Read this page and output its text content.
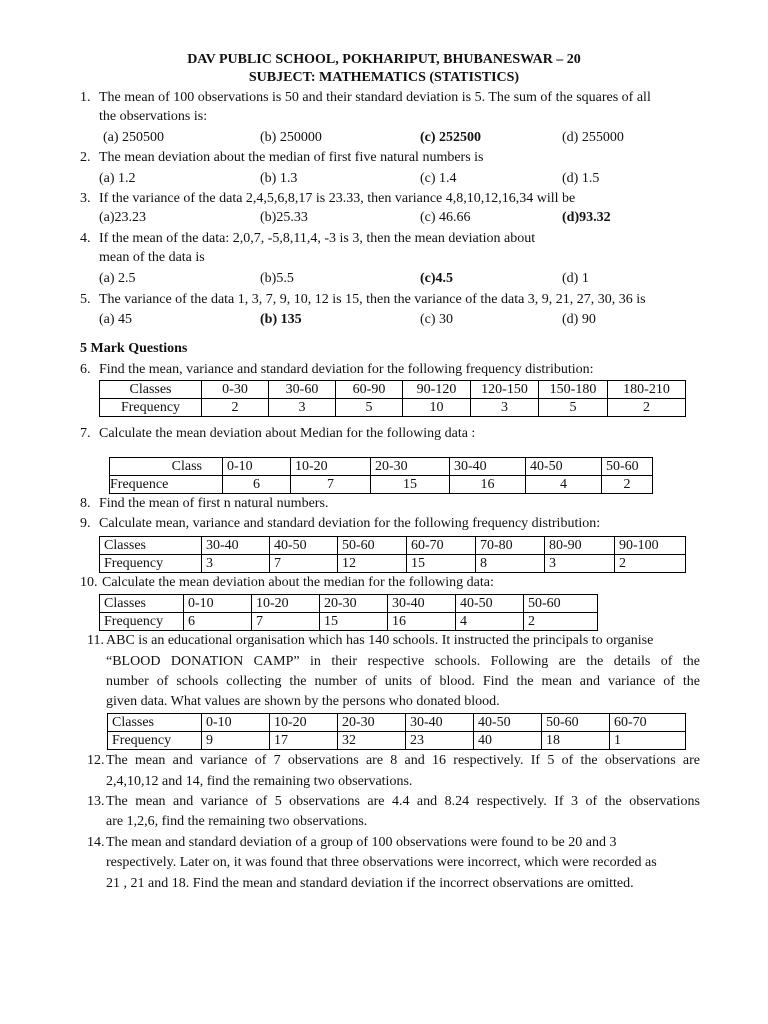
DAV PUBLIC SCHOOL, POKHARIPUT, BHUBANESWAR – 20
SUBJECT: MATHEMATICS (STATISTICS)
1. The mean of 100 observations is 50 and their standard deviation is 5. The sum of the squares of all
the observations is:
(a) 250500	(b) 250000	(c) 252500	(d) 255000
2. The mean deviation about the median of first five natural numbers is
(a) 1.2	(b) 1.3	(c) 1.4	(d) 1.5
3. If the variance of the data 2,4,5,6,8,17 is 23.33, then variance 4,8,10,12,16,34 will be
(a)23.23	(b)25.33	(c) 46.66	(d)93.32
4. If the mean of the data: 2,0,7, -5,8,11,4, -3 is 3, then the mean deviation about
mean of the data is
(a) 2.5	(b)5.5	(c)4.5	(d) 1
5. The variance of the data 1, 3, 7, 9, 10, 12 is 15, then the variance of the data 3, 9, 21, 27, 30, 36 is
(a) 45	(b) 135	(c) 30	(d) 90
5 Mark Questions
6. Find the mean, variance and standard deviation for the following frequency distribution:
Classes	0-30	30-60	60-90	90-120	120-150	150-180	180-210
Frequency	2	3	5	10	3	5	2
7. Calculate the mean deviation about Median for the following data :
Class	0-10	10-20	20-30	30-40	40-50	50-60
Frequence	6	7	15	16	4	2
8. Find the mean of first n natural numbers.
9. Calculate mean, variance and standard deviation for the following frequency distribution:
Classes	30-40	40-50	50-60	60-70	70-80	80-90	90-100
Frequency	3	7	12	15	8	3	2
10. Calculate the mean deviation about the median for the following data:
Classes	0-10	10-20	20-30	30-40	40-50	50-60
Frequency	6	7	15	16	4	2
11. ABC is an educational organisation which has 140 schools. It instructed the principals to organise
“BLOOD DONATION CAMP” in their respective schools. Following are the details of the
number of schools collecting the number of units of blood. Find the mean and variance of the
given data. What values are shown by the persons who donated blood.
Classes	0-10	10-20	20-30	30-40	40-50	50-60	60-70
Frequency	9	17	32	23	40	18	1
12. The mean and variance of 7 observations are 8 and 16 respectively. If 5 of the observations are
2,4,10,12 and 14, find the remaining two observations.
13. The mean and variance of 5 observations are 4.4 and 8.24 respectively. If 3 of the observations
are 1,2,6, find the remaining two observations.
14. The mean and standard deviation of a group of 100 observations were found to be 20 and 3
respectively. Later on, it was found that three observations were incorrect, which were recorded as
21 , 21 and 18. Find the mean and standard deviation if the incorrect observations are omitted.
